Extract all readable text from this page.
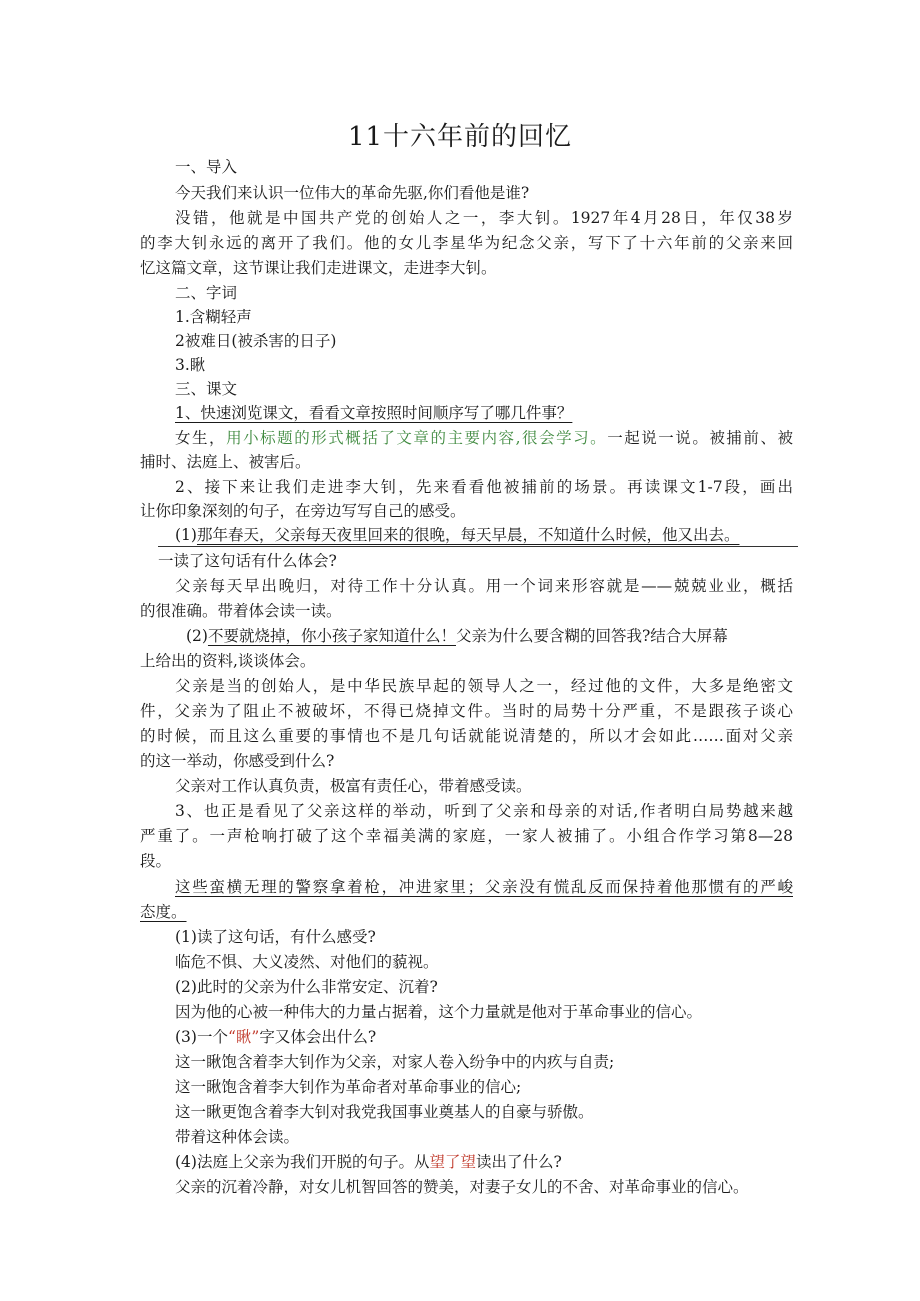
11十六年前的回忆
一、导入
今天我们来认识一位伟大的革命先驱,你们看他是谁?
没错，他就是中国共产党的创始人之一，李大钊。1927年4月28日，年仅38岁
的李大钊永远的离开了我们。他的女儿李星华为纪念父亲，写下了十六年前的父亲来回
忆这篇文章，这节课让我们走进课文，走进李大钊。
二、字词
1.含糊轻声
2被难日(被杀害的日子)
3.瞅
三、课文
1、快速浏览课文，看看文章按照时间顺序写了哪几件事？
女生，用小标题的形式概括了文章的主要内容,很会学习。一起说一说。被捕前、被
捕时、法庭上、被害后。
2、接下来让我们走进李大钊，先来看看他被捕前的场景。再读课文1-7段，画出
让你印象深刻的句子，在旁边写写自己的感受。
(1)那年春天，父亲每天夜里回来的很晚，每天早晨，不知道什么时候，他又出去。
一读了这句话有什么体会?
父亲每天早出晚归，对待工作十分认真。用一个词来形容就是——兢兢业业，概括
的很准确。带着体会读一读。
(2)不要就烧掉，你小孩子家知道什么！父亲为什么要含糊的回答我?结合大屏幕
上给出的资料,谈谈体会。
父亲是当的创始人，是中华民族早起的领导人之一，经过他的文件，大多是绝密文
件，父亲为了阻止不被破坏，不得已烧掉文件。当时的局势十分严重，不是跟孩子谈心
的时候，而且这么重要的事情也不是几句话就能说清楚的，所以才会如此……面对父亲
的这一举动，你感受到什么?
父亲对工作认真负责，极富有责任心，带着感受读。
3、也正是看见了父亲这样的举动，听到了父亲和母亲的对话,作者明白局势越来越
严重了。一声枪响打破了这个幸福美满的家庭，一家人被捕了。小组合作学习第8—28
段。
这些蛮横无理的警察拿着枪，冲进家里；父亲没有慌乱反而保持着他那惯有的严峻
态度。
(1)读了这句话，有什么感受?
临危不惧、大义凌然、对他们的藐视。
(2)此时的父亲为什么非常安定、沉着?
因为他的心被一种伟大的力量占据着，这个力量就是他对于革命事业的信心。
(3)一个“瞅”字又体会出什么?
这一瞅饱含着李大钊作为父亲，对家人卷入纷争中的内疚与自责;
这一瞅饱含着李大钊作为革命者对革命事业的信心;
这一瞅更饱含着李大钊对我党我国事业奠基人的自豪与骄傲。
带着这种体会读。
(4)法庭上父亲为我们开脱的句子。从望了望读出了什么?
父亲的沉着冷静，对女儿机智回答的赞美，对妻子女儿的不舍、对革命事业的信心。
